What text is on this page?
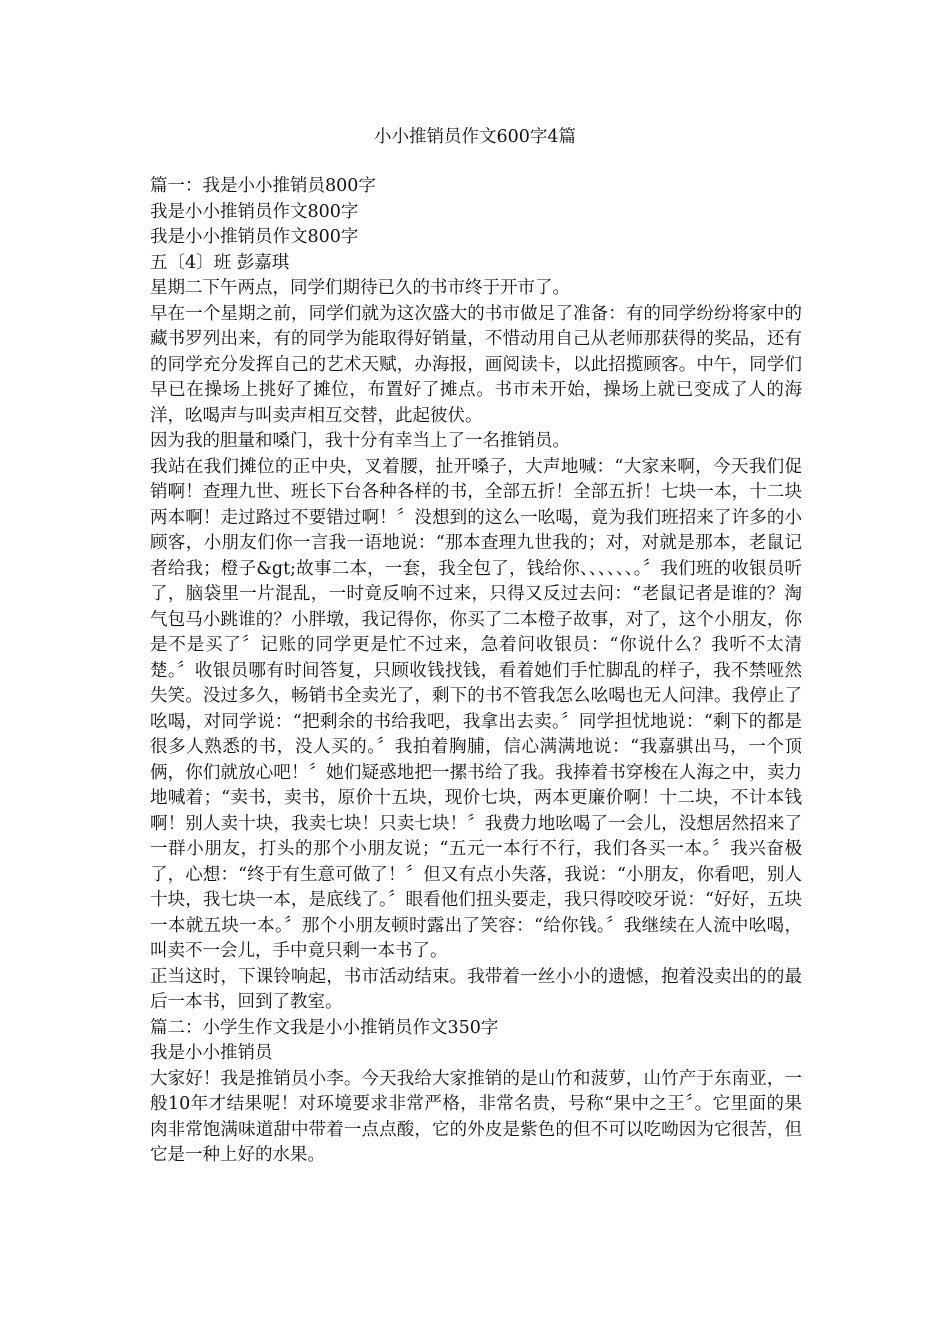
小小推销员作文600字4篇

篇一：我是小小推销员800字

我是小小推销员作文800字

我是小小推销员作文800字

五〔4〕班 彭嘉琪

星期二下午两点，同学们期待已久的书市终于开市了。

早在一个星期之前，同学们就为这次盛大的书市做足了准备：有的同学纷纷将家中的藏书罗列出来，有的同学为能取得好销量，不惜动用自己从老师那获得的奖品，还有的同学充分发挥自己的艺术天赋，办海报，画阅读卡，以此招揽顾客。中午，同学们早已在操场上挑好了摊位，布置好了摊点。书市未开始，操场上就已变成了人的海洋，吆喝声与叫卖声相互交替，此起彼伏。

因为我的胆量和嗓门，我十分有幸当上了一名推销员。

我站在我们摊位的正中央，叉着腰，扯开嗓子，大声地喊：“大家来啊，今天我们促销啊！查理九世、班长下台各种各样的书，全部五折！全部五折！七块一本，十二块两本啊！走过路过不要错过啊！〞没想到的这么一吆喝，竟为我们班招来了许多的小顾客，小朋友们你一言我一语地说：“那本查理九世我的；对，对就是那本，老鼠记者给我；橙子&gt;故事二本，一套，我全包了，钱给你、、、、、、。〞我们班的收银员听了，脑袋里一片混乱，一时竟反响不过来，只得又反过去问：“老鼠记者是谁的？淘气包马小跳谁的？小胖墩，我记得你，你买了二本橙子故事，对了，这个小朋友，你是不是买了〞记账的同学更是忙不过来，急着问收银员：“你说什么？我听不太清楚。〞收银员哪有时间答复，只顾收钱找钱，看着她们手忙脚乱的样子，我不禁哑然失笑。没过多久，畅销书全卖光了，剩下的书不管我怎么吆喝也无人问津。我停止了吆喝，对同学说：“把剩余的书给我吧，我拿出去卖。〞同学担忧地说：“剩下的都是很多人熟悉的书，没人买的。〞我拍着胸脯，信心满满地说：“我嘉骐出马，一个顶俩，你们就放心吧！〞她们疑惑地把一摞书给了我。我捧着书穿梭在人海之中，卖力地喊着；“卖书，卖书，原价十五块，现价七块，两本更廉价啊！十二块，不计本钱啊！别人卖十块，我卖七块！只卖七块！〞我费力地吆喝了一会儿，没想居然招来了一群小朋友，打头的那个小朋友说；“五元一本行不行，我们各买一本。〞我兴奋极了，心想：“终于有生意可做了！〞但又有点小失落，我说：“小朋友，你看吧，别人十块，我七块一本，是底线了。〞眼看他们扭头要走，我只得咬咬牙说：“好好，五块一本就五块一本。〞那个小朋友顿时露出了笑容：“给你钱。〞我继续在人流中吆喝，叫卖不一会儿，手中竟只剩一本书了。

正当这时，下课铃响起，书市活动结束。我带着一丝小小的遗憾，抱着没卖出的的最后一本书，回到了教室。

篇二：小学生作文我是小小推销员作文350字

我是小小推销员

大家好！我是推销员小李。今天我给大家推销的是山竹和菠萝，山竹产于东南亚，一般10年才结果呢！对环境要求非常严格，非常名贵，号称“果中之王〞。它里面的果肉非常饱满味道甜中带着一点点酸，它的外皮是紫色的但不可以吃呦因为它很苦，但它是一种上好的水果。
